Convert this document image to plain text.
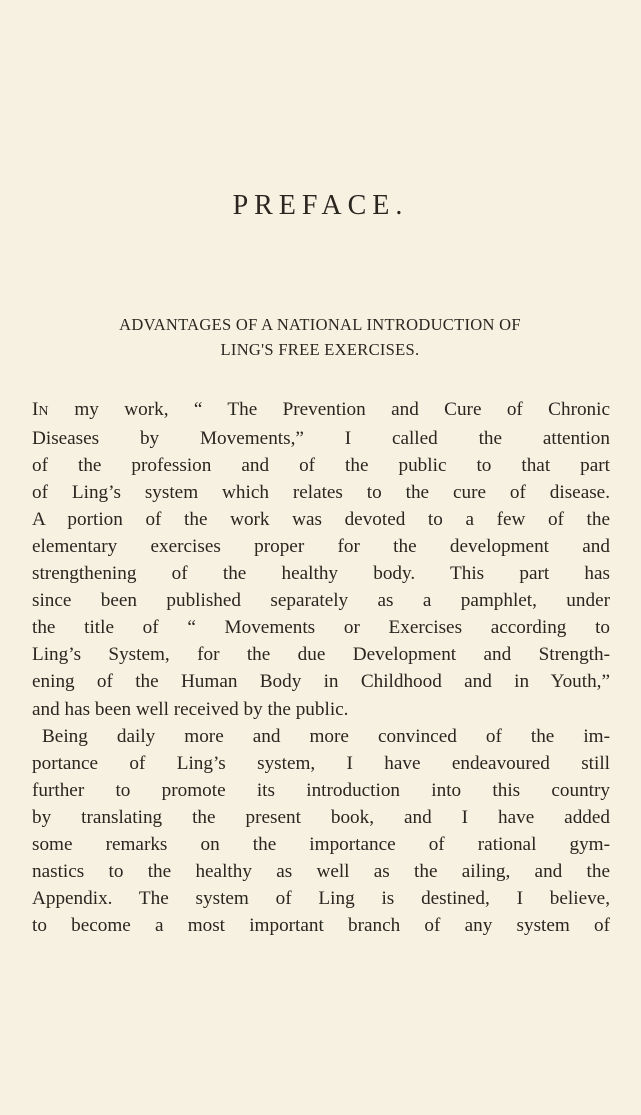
PREFACE.
ADVANTAGES OF A NATIONAL INTRODUCTION OF
LING'S FREE EXERCISES.
IN my work, “ The Prevention and Cure of Chronic
Diseases by Movements,” I called the attention
of the profession and of the public to that part
of Ling’s system which relates to the cure of disease.
A portion of the work was devoted to a few of the
elementary exercises proper for the development and
strengthening of the healthy body. This part has
since been published separately as a pamphlet, under
the title of “ Movements or Exercises according to
Ling’s System, for the due Development and Strength-
ening of the Human Body in Childhood and in Youth,”
and has been well received by the public.
Being daily more and more convinced of the im-
portance of Ling’s system, I have endeavoured still
further to promote its introduction into this country
by translating the present book, and I have added
some remarks on the importance of rational gym-
nastics to the healthy as well as the ailing, and the
Appendix. The system of Ling is destined, I believe,
to become a most important branch of any system of
